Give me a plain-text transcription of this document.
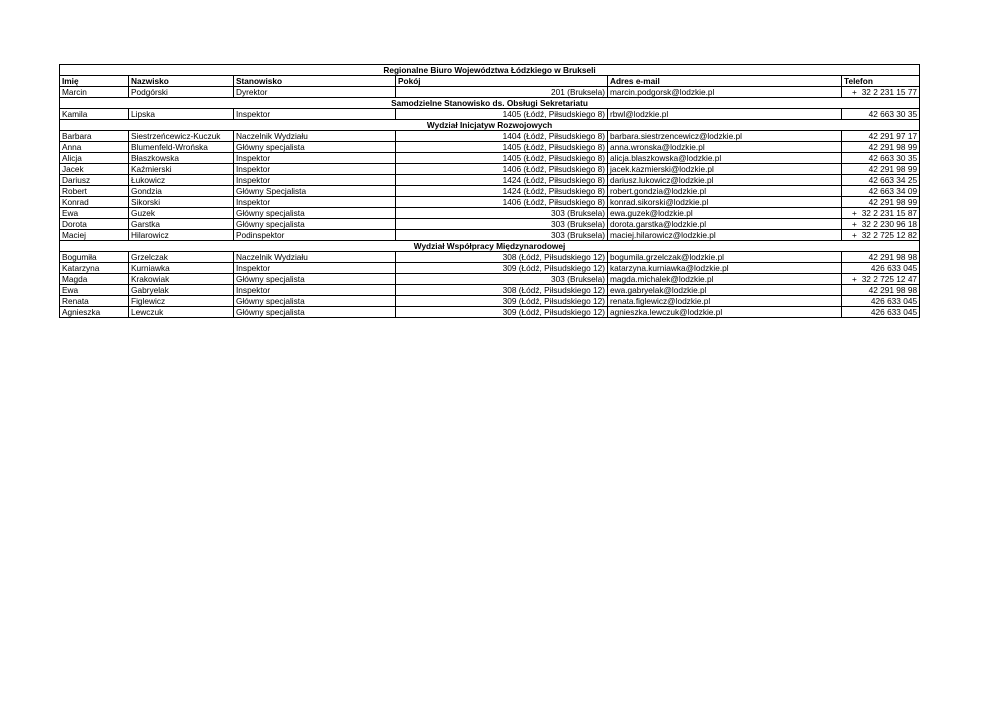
Regionalne Biuro Województwa Łódzkiego w Brukseli					
Imię	Nazwisko	Stanowisko	Pokój	Adres e-mail	Telefon
Marcin	Podgórski	Dyrektor	201 (Bruksela)	marcin.podgorsk@lodzkie.pl	+ 32 2 231 15 77

Samodzielne Stanowisko ds. Obsługi Sekretariatu					
Kamila	Lipska	Inspektor	1405 (Łódź, Piłsudskiego 8)	rbwl@lodzkie.pl	42 663 30 35
Wydział Inicjatyw Rozwojowych					
Barbara	Siestrzeńcewicz-Kuczuk	Naczelnik Wydziału	1404 (Łódź, Piłsudskiego 8)	barbara.siestrzencewicz@lodzkie.pl	42 291 97 17
Anna	Blumenfeld-Wrońska	Główny specjalista	1405 (Łódź, Piłsudskiego 8)	anna.wronska@lodzkie.pl	42 291 98 99
Alicja	Błaszkowska	Inspektor	1405 (Łódź, Piłsudskiego 8)	alicja.blaszkowska@lodzkie.pl	42 663 30 35
Jacek	Kaźmierski	Inspektor	1406 (Łódź, Piłsudskiego 8)	jacek.kazmierski@lodzkie.pl	42 291 98 99
Dariusz	Łukowicz	Inspektor	1424 (Łódź, Piłsudskiego 8)	dariusz.lukowicz@lodzkie.pl	42 663 34 25
Robert	Gondzia	Główny Specjalista	1424 (Łódź, Piłsudskiego 8)	robert.gondzia@lodzkie.pl	42 663 34 09
Konrad	Sikorski	Inspektor	1406 (Łódź, Piłsudskiego 8)	konrad.sikorski@lodzkie.pl	42 291 98 99
Ewa	Guzek	Główny specjalista	303 (Bruksela)	ewa.guzek@lodzkie.pl	+ 32 2 231 15 87

Dorota	Garstka	Główny specjalista	303 (Bruksela)	dorota.garstka@lodzkie.pl	+ 32 2 230 96 18

Maciej	Hilarowicz	Podinspektor	303 (Bruksela)	maciej.hilarowicz@lodzkie.pl	+ 32 2 725 12 82

Wydział Współpracy Międzynarodowej					
Bogumiła	Grzelczak	Naczelnik Wydziału	308 (Łódź, Piłsudskiego 12)	bogumila.grzelczak@lodzkie.pl	42 291 98 98
Katarzyna	Kurniawka	Inspektor	309 (Łódź, Piłsudskiego 12)	katarzyna.kurniawka@lodzkie.pl	426 633 045
Magda	Krakowiak	Główny specjalista	303 (Bruksela)	magda.michalek@lodzkie.pl	+ 32 2 725 12 47

Ewa	Gabryelak	Inspektor	308 (Łódź, Piłsudskiego 12)	ewa.gabryelak@lodzkie.pl	42 291 98 98
Renata	Figlewicz	Główny specjalista	309 (Łódź, Piłsudskiego 12)	renata.figlewicz@lodzkie.pl	426 633 045
Agnieszka	Lewczuk	Główny specjalista	309 (Łódź, Piłsudskiego 12)	agnieszka.lewczuk@lodzkie.pl	426 633 045
